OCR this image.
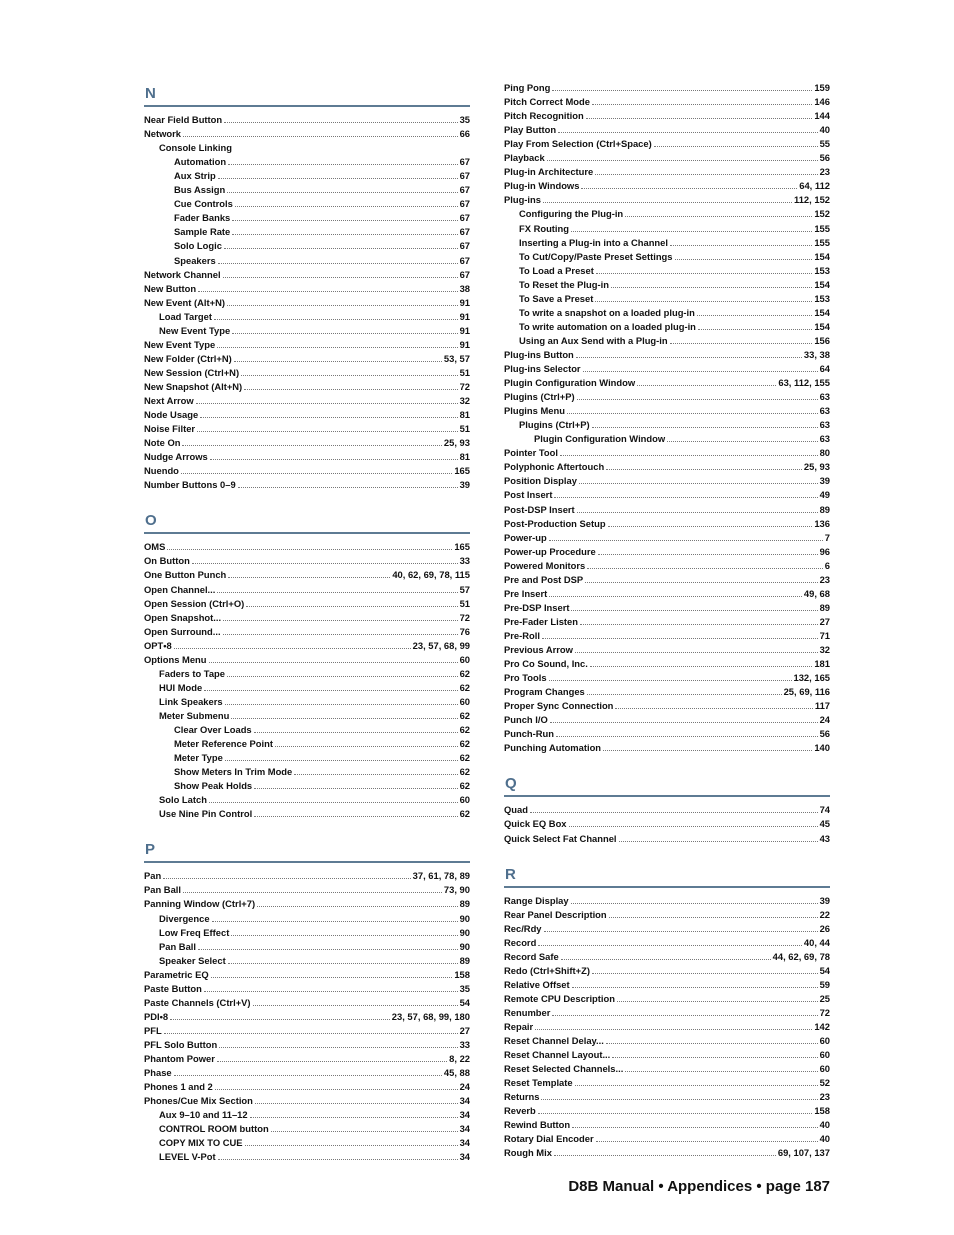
N
Near Field Button	35
Network	66
Console Linking
Automation	67
Aux Strip	67
Bus Assign	67
Cue Controls	67
Fader Banks	67
Sample Rate	67
Solo Logic	67
Speakers	67
Network Channel	67
New Button	38
New Event (Alt+N)	91
Load Target	91
New Event Type	91
New Event Type	91
New Folder (Ctrl+N)	53, 57
New Session (Ctrl+N)	51
New Snapshot (Alt+N)	72
Next Arrow	32
Node Usage	81
Noise Filter	51
Note On	25, 93
Nudge Arrows	81
Nuendo	165
Number Buttons 0–9	39
O
OMS	165
On Button	33
One Button Punch	40, 62, 69, 78, 115
Open Channel...	57
Open Session (Ctrl+O)	51
Open Snapshot...	72
Open Surround...	76
OPT•8	23, 57, 68, 99
Options Menu	60
Faders to Tape	62
HUI Mode	62
Link Speakers	60
Meter Submenu	62
Clear Over Loads	62
Meter Reference Point	62
Meter Type	62
Show Meters In Trim Mode	62
Show Peak Holds	62
Solo Latch	60
Use Nine Pin Control	62
P
Pan	37, 61, 78, 89
Pan Ball	73, 90
Panning Window (Ctrl+7)	89
Divergence	90
Low Freq Effect	90
Pan Ball	90
Speaker Select	89
Parametric EQ	158
Paste Button	35
Paste Channels (Ctrl+V)	54
PDI•8	23, 57, 68, 99, 180
PFL	27
PFL Solo Button	33
Phantom Power	8, 22
Phase	45, 88
Phones 1 and 2	24
Phones/Cue Mix Section	34
Aux 9–10 and 11–12	34
CONTROL ROOM button	34
COPY MIX TO CUE	34
LEVEL V-Pot	34
Ping Pong	159
Pitch Correct Mode	146
Pitch Recognition	144
Play Button	40
Play From Selection (Ctrl+Space)	55
Playback	56
Plug-in Architecture	23
Plug-in Windows	64, 112
Plug-ins	112, 152
Configuring the Plug-in	152
FX Routing	155
Inserting a Plug-in into a Channel	155
To Cut/Copy/Paste Preset Settings	154
To Load a Preset	153
To Reset the Plug-in	154
To Save a Preset	153
To write a snapshot on a loaded plug-in	154
To write automation on a loaded plug-in	154
Using an Aux Send with a Plug-in	156
Plug-ins Button	33, 38
Plug-ins Selector	64
Plugin Configuration Window	63, 112, 155
Plugins (Ctrl+P)	63
Plugins Menu	63
Plugins (Ctrl+P)	63
Plugin Configuration Window	63
Pointer Tool	80
Polyphonic Aftertouch	25, 93
Position Display	39
Post Insert	49
Post-DSP Insert	89
Post-Production Setup	136
Power-up	7
Power-up Procedure	96
Powered Monitors	6
Pre and Post DSP	23
Pre Insert	49, 68
Pre-DSP Insert	89
Pre-Fader Listen	27
Pre-Roll	71
Previous Arrow	32
Pro Co Sound, Inc.	181
Pro Tools	132, 165
Program Changes	25, 69, 116
Proper Sync Connection	117
Punch I/O	24
Punch-Run	56
Punching Automation	140
Q
Quad	74
Quick EQ Box	45
Quick Select Fat Channel	43
R
Range Display	39
Rear Panel Description	22
Rec/Rdy	26
Record	40, 44
Record Safe	44, 62, 69, 78
Redo (Ctrl+Shift+Z)	54
Relative Offset	59
Remote CPU Description	25
Renumber	72
Repair	142
Reset Channel Delay...	60
Reset Channel Layout...	60
Reset Selected Channels...	60
Reset Template	52
Returns	23
Reverb	158
Rewind Button	40
Rotary Dial Encoder	40
Rough Mix	69, 107, 137
D8B Manual • Appendices • page 187
